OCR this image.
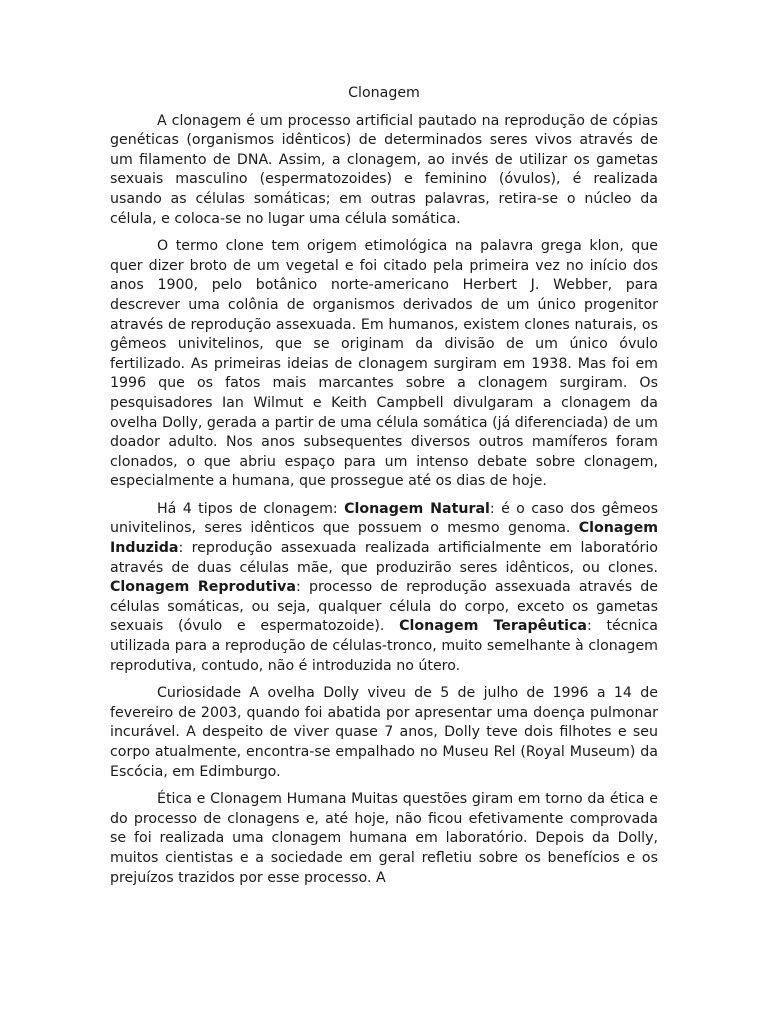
Clonagem

A clonagem é um processo artificial pautado na reprodução de cópias genéticas (organismos idênticos) de determinados seres vivos através de um filamento de DNA. Assim, a clonagem, ao invés de utilizar os gametas sexuais masculino (espermatozoides) e feminino (óvulos), é realizada usando as células somáticas; em outras palavras, retira-se o núcleo da célula, e coloca-se no lugar uma célula somática.

O termo clone tem origem etimológica na palavra grega klon, que quer dizer broto de um vegetal e foi citado pela primeira vez no início dos anos 1900, pelo botânico norte-americano Herbert J. Webber, para descrever uma colônia de organismos derivados de um único progenitor através de reprodução assexuada. Em humanos, existem clones naturais, os gêmeos univitelinos, que se originam da divisão de um único óvulo fertilizado. As primeiras ideias de clonagem surgiram em 1938. Mas foi em 1996 que os fatos mais marcantes sobre a clonagem surgiram. Os pesquisadores Ian Wilmut e Keith Campbell divulgaram a clonagem da ovelha Dolly, gerada a partir de uma célula somática (já diferenciada) de um doador adulto. Nos anos subsequentes diversos outros mamíferos foram clonados, o que abriu espaço para um intenso debate sobre clonagem, especialmente a humana, que prossegue até os dias de hoje.

Há 4 tipos de clonagem: Clonagem Natural: é o caso dos gêmeos univitelinos, seres idênticos que possuem o mesmo genoma. Clonagem Induzida: reprodução assexuada realizada artificialmente em laboratório através de duas células mãe, que produzirão seres idênticos, ou clones. Clonagem Reprodutiva: processo de reprodução assexuada através de células somáticas, ou seja, qualquer célula do corpo, exceto os gametas sexuais (óvulo e espermatozoide). Clonagem Terapêutica: técnica utilizada para a reprodução de células-tronco, muito semelhante à clonagem reprodutiva, contudo, não é introduzida no útero.

Curiosidade A ovelha Dolly viveu de 5 de julho de 1996 a 14 de fevereiro de 2003, quando foi abatida por apresentar uma doença pulmonar incurável. A despeito de viver quase 7 anos, Dolly teve dois filhotes e seu corpo atualmente, encontra-se empalhado no Museu Rel (Royal Museum) da Escócia, em Edimburgo.

Ética e Clonagem Humana Muitas questões giram em torno da ética e do processo de clonagens e, até hoje, não ficou efetivamente comprovada se foi realizada uma clonagem humana em laboratório. Depois da Dolly, muitos cientistas e a sociedade em geral refletiu sobre os benefícios e os prejuízos trazidos por esse processo. A
